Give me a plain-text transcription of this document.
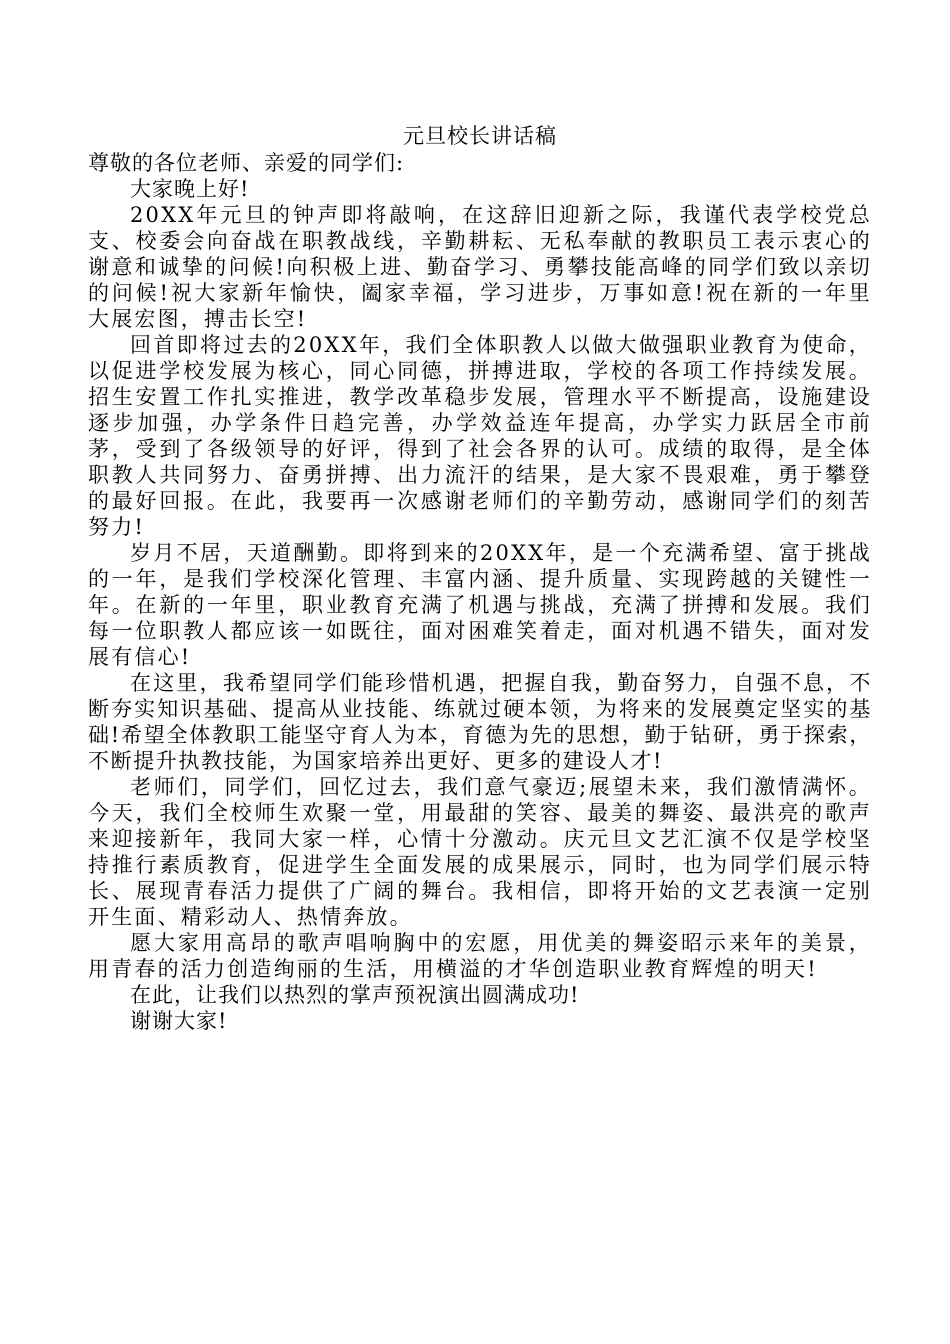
元旦校长讲话稿

尊敬的各位老师、亲爱的同学们:

大家晚上好!

20XX年元旦的钟声即将敲响，在这辞旧迎新之际，我谨代表学校党总支、校委会向奋战在职教战线，辛勤耕耘、无私奉献的教职员工表示衷心的谢意和诚挚的问候!向积极上进、勤奋学习、勇攀技能高峰的同学们致以亲切的问候!祝大家新年愉快，阖家幸福，学习进步，万事如意!祝在新的一年里大展宏图，搏击长空!

回首即将过去的20XX年，我们全体职教人以做大做强职业教育为使命，以促进学校发展为核心，同心同德，拼搏进取，学校的各项工作持续发展。招生安置工作扎实推进，教学改革稳步发展，管理水平不断提高，设施建设逐步加强，办学条件日趋完善，办学效益连年提高，办学实力跃居全市前茅，受到了各级领导的好评，得到了社会各界的认可。成绩的取得，是全体职教人共同努力、奋勇拼搏、出力流汗的结果，是大家不畏艰难，勇于攀登的最好回报。在此，我要再一次感谢老师们的辛勤劳动，感谢同学们的刻苦努力!

岁月不居，天道酬勤。即将到来的20XX年，是一个充满希望、富于挑战的一年，是我们学校深化管理、丰富内涵、提升质量、实现跨越的关键性一年。在新的一年里，职业教育充满了机遇与挑战，充满了拼搏和发展。我们每一位职教人都应该一如既往，面对困难笑着走，面对机遇不错失，面对发展有信心!

在这里，我希望同学们能珍惜机遇，把握自我，勤奋努力，自强不息，不断夯实知识基础、提高从业技能、练就过硬本领，为将来的发展奠定坚实的基础!希望全体教职工能坚守育人为本，育德为先的思想，勤于钻研，勇于探索，不断提升执教技能，为国家培养出更好、更多的建设人才!

老师们，同学们，回忆过去，我们意气豪迈;展望未来，我们激情满怀。今天，我们全校师生欢聚一堂，用最甜的笑容、最美的舞姿、最洪亮的歌声来迎接新年，我同大家一样，心情十分激动。庆元旦文艺汇演不仅是学校坚持推行素质教育，促进学生全面发展的成果展示，同时，也为同学们展示特长、展现青春活力提供了广阔的舞台。我相信，即将开始的文艺表演一定别开生面、精彩动人、热情奔放。

愿大家用高昂的歌声唱响胸中的宏愿，用优美的舞姿昭示来年的美景，用青春的活力创造绚丽的生活，用横溢的才华创造职业教育辉煌的明天!

在此，让我们以热烈的掌声预祝演出圆满成功!

谢谢大家!
